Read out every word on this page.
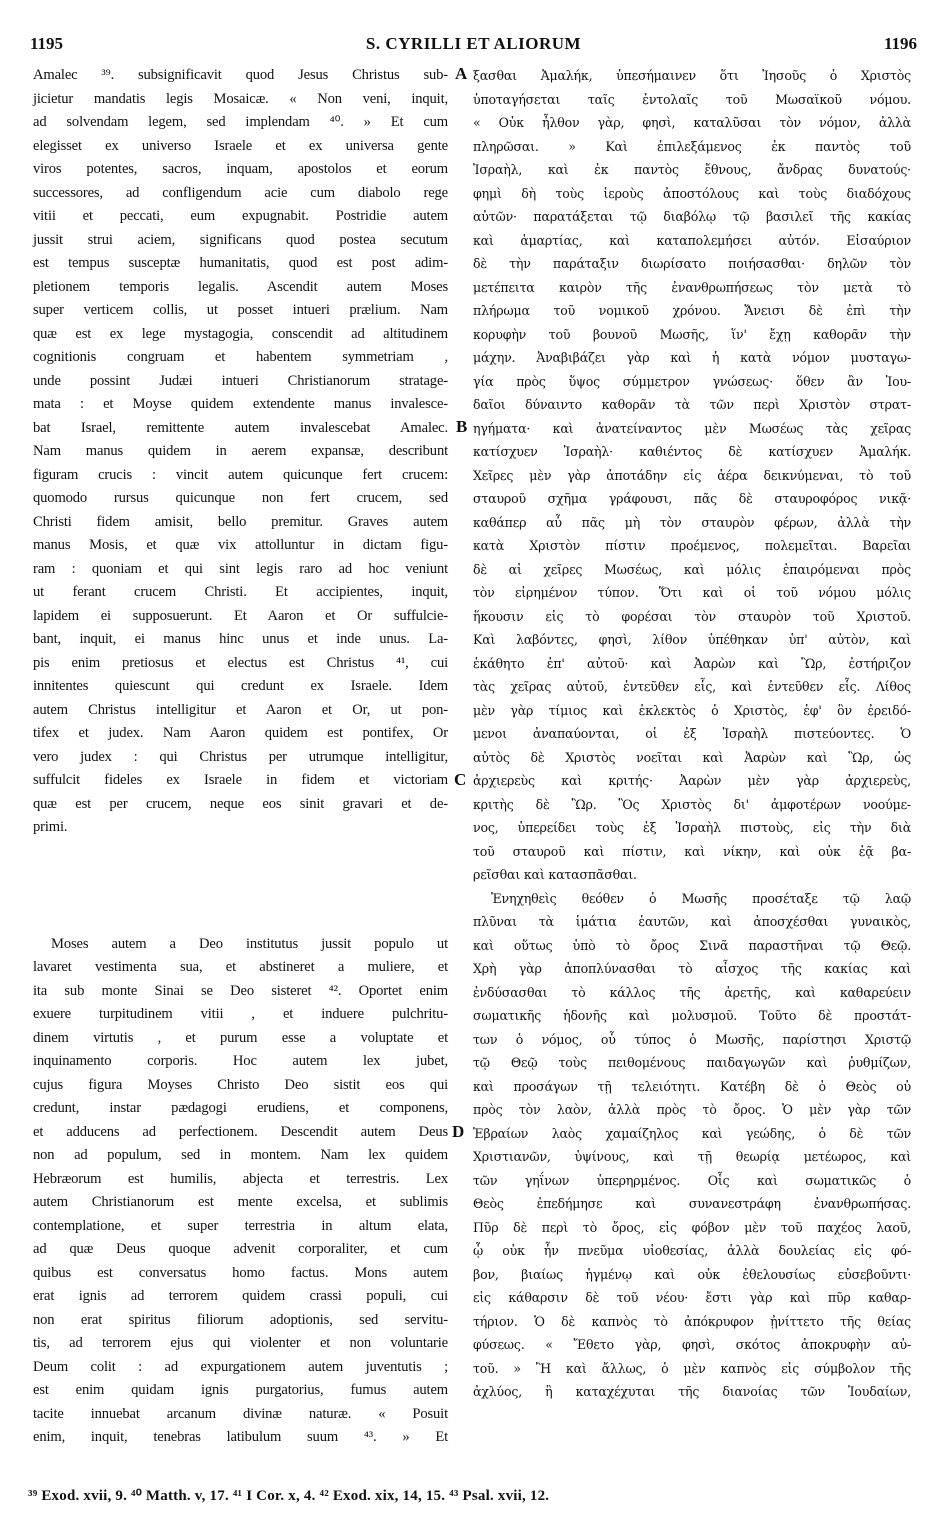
1195	S. CYRILLI ET ALIORUM	1196
A
B
C
D
Amalec ³⁹. subsignificavit quod Jesus Christus sub-
jicietur mandatis legis Mosaicæ. « Non veni, inquit,
ad solvendam legem, sed implendam ⁴⁰. » Et cum
elegisset ex universo Israele et ex universa gente
viros potentes, sacros, inquam, apostolos et eorum
successores, ad confligendum acie cum diabolo rege
vitii et peccati, eum expugnabit. Postridie autem
jussit strui aciem, significans quod postea secutum
est tempus susceptæ humanitatis, quod est post adim-
pletionem temporis legalis. Ascendit autem Moses
super verticem collis, ut posset intueri prælium. Nam
quæ est ex lege mystagogia, conscendit ad altitudinem
cognitionis congruam et habentem symmetriam ,
unde possint Judæi intueri Christianorum stratage-
mata : et Moyse quidem extendente manus invalesce-
bat Israel, remittente autem invalescebat Amalec.
Nam manus quidem in aerem expansæ, describunt
figuram crucis : vincit autem quicunque fert crucem:
quomodo rursus quicunque non fert crucem, sed
Christi fidem amisit, bello premitur. Graves autem
manus Mosis, et quæ vix attolluntur in dictam figu-
ram : quoniam et qui sint legis raro ad hoc veniunt
ut ferant crucem Christi. Et accipientes, inquit,
lapidem ei supposuerunt. Et Aaron et Or suffulcie-
bant, inquit, ei manus hinc unus et inde unus. La-
pis enim pretiosus et electus est Christus ⁴¹, cui
innitentes quiescunt qui credunt ex Israele. Idem
autem Christus intelligitur et Aaron et Or, ut pon-
tifex et judex. Nam Aaron quidem est pontifex, Or
vero judex : qui Christus per utrumque intelligitur,
suffulcit fideles ex Israele in fidem et victoriam
quæ est per crucem, neque eos sinit gravari et de-
primi.
Moses autem a Deo institutus jussit populo ut
lavaret vestimenta sua, et abstineret a muliere, et
ita sub monte Sinai se Deo sisteret ⁴². Oportet enim
exuere turpitudinem vitii , et induere pulchritu-
dinem virtutis , et purum esse a voluptate et
inquinamento corporis. Hoc autem lex jubet,
cujus figura Moyses Christo Deo sistit eos qui
credunt, instar pædagogi erudiens, et componens,
et adducens ad perfectionem. Descendit autem Deus
non ad populum, sed in montem. Nam lex quidem
Hebræorum est humilis, abjecta et terrestris. Lex
autem Christianorum est mente excelsa, et sublimis
contemplatione, et super terrestria in altum elata,
ad quæ Deus quoque advenit corporaliter, et cum
quibus est conversatus homo factus. Mons autem
erat ignis ad terrorem quidem crassi populi, cui
non erat spiritus filiorum adoptionis, sed servitu-
tis, ad terrorem ejus qui violenter et non voluntarie
Deum colit : ad expurgationem autem juventutis ;
est enim quidam ignis purgatorius, fumus autem
tacite innuebat arcanum divinæ naturæ. « Posuit
enim, inquit, tenebras latibulum suum ⁴³. » Et
ξασθαι Ἀμαλήκ, ὑπεσήμαινεν ὅτι Ἰησοῦς ὁ Χριστὸς
ὑποταγήσεται ταῖς ἐντολαῖς τοῦ Μωσαϊκοῦ νόμου.
« Οὐκ ἦλθον γὰρ, φησὶ, καταλῦσαι τὸν νόμον, ἀλλὰ
πληρῶσαι. » Καὶ ἐπιλεξάμενος ἐκ παντὸς τοῦ
Ἰσραὴλ, καὶ ἐκ παντὸς ἔθνους, ἄνδρας δυνατούς·
φημὶ δὴ τοὺς ἱεροὺς ἀποστόλους καὶ τοὺς διαδόχους
αὐτῶν· παρατάξεται τῷ διαβόλῳ τῷ βασιλεῖ τῆς κακίας
καὶ ἁμαρτίας, καὶ καταπολεμήσει αὐτόν. Εἰσαύριον
δὲ τὴν παράταξιν διωρίσατο ποιήσασθαι· δηλῶν τὸν
μετέπειτα καιρὸν τῆς ἐνανθρωπήσεως τὸν μετὰ τὸ
πλήρωμα τοῦ νομικοῦ χρόνου. Ἄνεισι δὲ ἐπὶ τὴν
κορυφὴν τοῦ βουνοῦ Μωσῆς, ἵν' ἔχῃ καθορᾶν τὴν
μάχην. Ἀναβιβάζει γὰρ καὶ ἡ κατὰ νόμον μυσταγω-
γία πρὸς ὕψος σύμμετρον γνώσεως· ὅθεν ἂν Ἰου-
δαῖοι δύναιντο καθορᾶν τὰ τῶν περὶ Χριστὸν στρατ-
ηγήματα· καὶ ἀνατείναντος μὲν Μωσέως τὰς χεῖρας
κατίσχυεν Ἰσραὴλ· καθιέντος δὲ κατίσχυεν Ἀμαλήκ.
Χεῖρες μὲν γὰρ ἀποτάδην εἰς ἀέρα δεικνύμεναι, τὸ τοῦ
σταυροῦ σχῆμα γράφουσι, πᾶς δὲ σταυροφόρος νικᾷ·
καθάπερ αὖ πᾶς μὴ τὸν σταυρὸν φέρων, ἀλλὰ τὴν
κατὰ Χριστὸν πίστιν προέμενος, πολεμεῖται. Βαρεῖαι
δὲ αἱ χεῖρες Μωσέως, καὶ μόλις ἐπαιρόμεναι πρὸς
τὸν εἰρημένον τύπον. Ὅτι καὶ οἱ τοῦ νόμου μόλις
ἥκουσιν εἰς τὸ φορέσαι τὸν σταυρὸν τοῦ Χριστοῦ.
Καὶ λαβόντες, φησὶ, λίθον ὑπέθηκαν ὑπ' αὐτὸν, καὶ
ἐκάθητο ἐπ' αὐτοῦ· καὶ Ἀαρὼν καὶ Ὢρ, ἐστήριζον
τὰς χεῖρας αὐτοῦ, ἐντεῦθεν εἷς, καὶ ἐντεῦθεν εἷς. Λίθος
μὲν γὰρ τίμιος καὶ ἐκλεκτὸς ὁ Χριστὸς, ἐφ' ὃν ἐρειδό-
μενοι ἀναπαύονται, οἱ ἐξ Ἰσραὴλ πιστεύοντες. Ὁ
αὐτὸς δὲ Χριστὸς νοεῖται καὶ Ἀαρὼν καὶ Ὢρ, ὡς
ἀρχιερεὺς καὶ κριτής· Ἀαρὼν μὲν γὰρ ἀρχιερεὺς,
κριτὴς δὲ Ὢρ. Ὃς Χριστὸς δι' ἀμφοτέρων νοούμε-
νος, ὑπερείδει τοὺς ἐξ Ἰσραὴλ πιστοὺς, εἰς τὴν διὰ
τοῦ σταυροῦ καὶ πίστιν, καὶ νίκην, καὶ οὐκ ἐᾷ βα-
ρεῖσθαι καὶ κατασπᾶσθαι.
Ἐνηχηθεὶς θεόθεν ὁ Μωσῆς προσέταξε τῷ λαῷ
πλῦναι τὰ ἱμάτια ἑαυτῶν, καὶ ἀποσχέσθαι γυναικὸς,
καὶ οὕτως ὑπὸ τὸ ὄρος Σινᾶ παραστῆναι τῷ Θεῷ.
Χρὴ γὰρ ἀποπλύνασθαι τὸ αἶσχος τῆς κακίας καὶ
ἐνδύσασθαι τὸ κάλλος τῆς ἀρετῆς, καὶ καθαρεύειν
σωματικῆς ἡδονῆς καὶ μολυσμοῦ. Τοῦτο δὲ προστάτ-
των ὁ νόμος, οὗ τύπος ὁ Μωσῆς, παρίστησι Χριστῷ
τῷ Θεῷ τοὺς πειθομένους παιδαγωγῶν καὶ ῥυθμίζων,
καὶ προσάγων τῇ τελειότητι. Κατέβη δὲ ὁ Θεὸς οὐ
πρὸς τὸν λαὸν, ἀλλὰ πρὸς τὸ ὄρος. Ὁ μὲν γὰρ τῶν
Ἑβραίων λαὸς χαμαίζηλος καὶ γεώδης, ὁ δὲ τῶν
Χριστιανῶν, ὑψίνους, καὶ τῇ θεωρίᾳ μετέωρος, καὶ
τῶν γηΐνων ὑπερηρμένος. Οἷς καὶ σωματικῶς ὁ
Θεὸς ἐπεδήμησε καὶ συνανεστράφη ἐνανθρωπήσας.
Πῦρ δὲ περὶ τὸ ὄρος, εἰς φόβον μὲν τοῦ παχέος λαοῦ,
ᾧ οὐκ ἦν πνεῦμα υἱοθεσίας, ἀλλὰ δουλείας εἰς φό-
βον, βιαίως ἡγμένῳ καὶ οὐκ ἐθελουσίως εὐσεβοῦντι·
εἰς κάθαρσιν δὲ τοῦ νέου· ἔστι γὰρ καὶ πῦρ καθαρ-
τήριον. Ὁ δὲ καπνὸς τὸ ἀπόκρυφον ᾐνίττετο τῆς θείας
φύσεως. « Ἔθετο γὰρ, φησὶ, σκότος ἀποκρυφὴν αὐ-
τοῦ. » Ἢ καὶ ἄλλως, ὁ μὲν καπνὸς εἰς σύμβολον τῆς
ἀχλύος, ἣ καταχέχυται τῆς διανοίας τῶν Ἰουδαίων,
³⁹ Exod. xvii, 9. ⁴⁰ Matth. v, 17. ⁴¹ I Cor. x, 4. ⁴² Exod. xix, 14, 15. ⁴³ Psal. xvii, 12.
